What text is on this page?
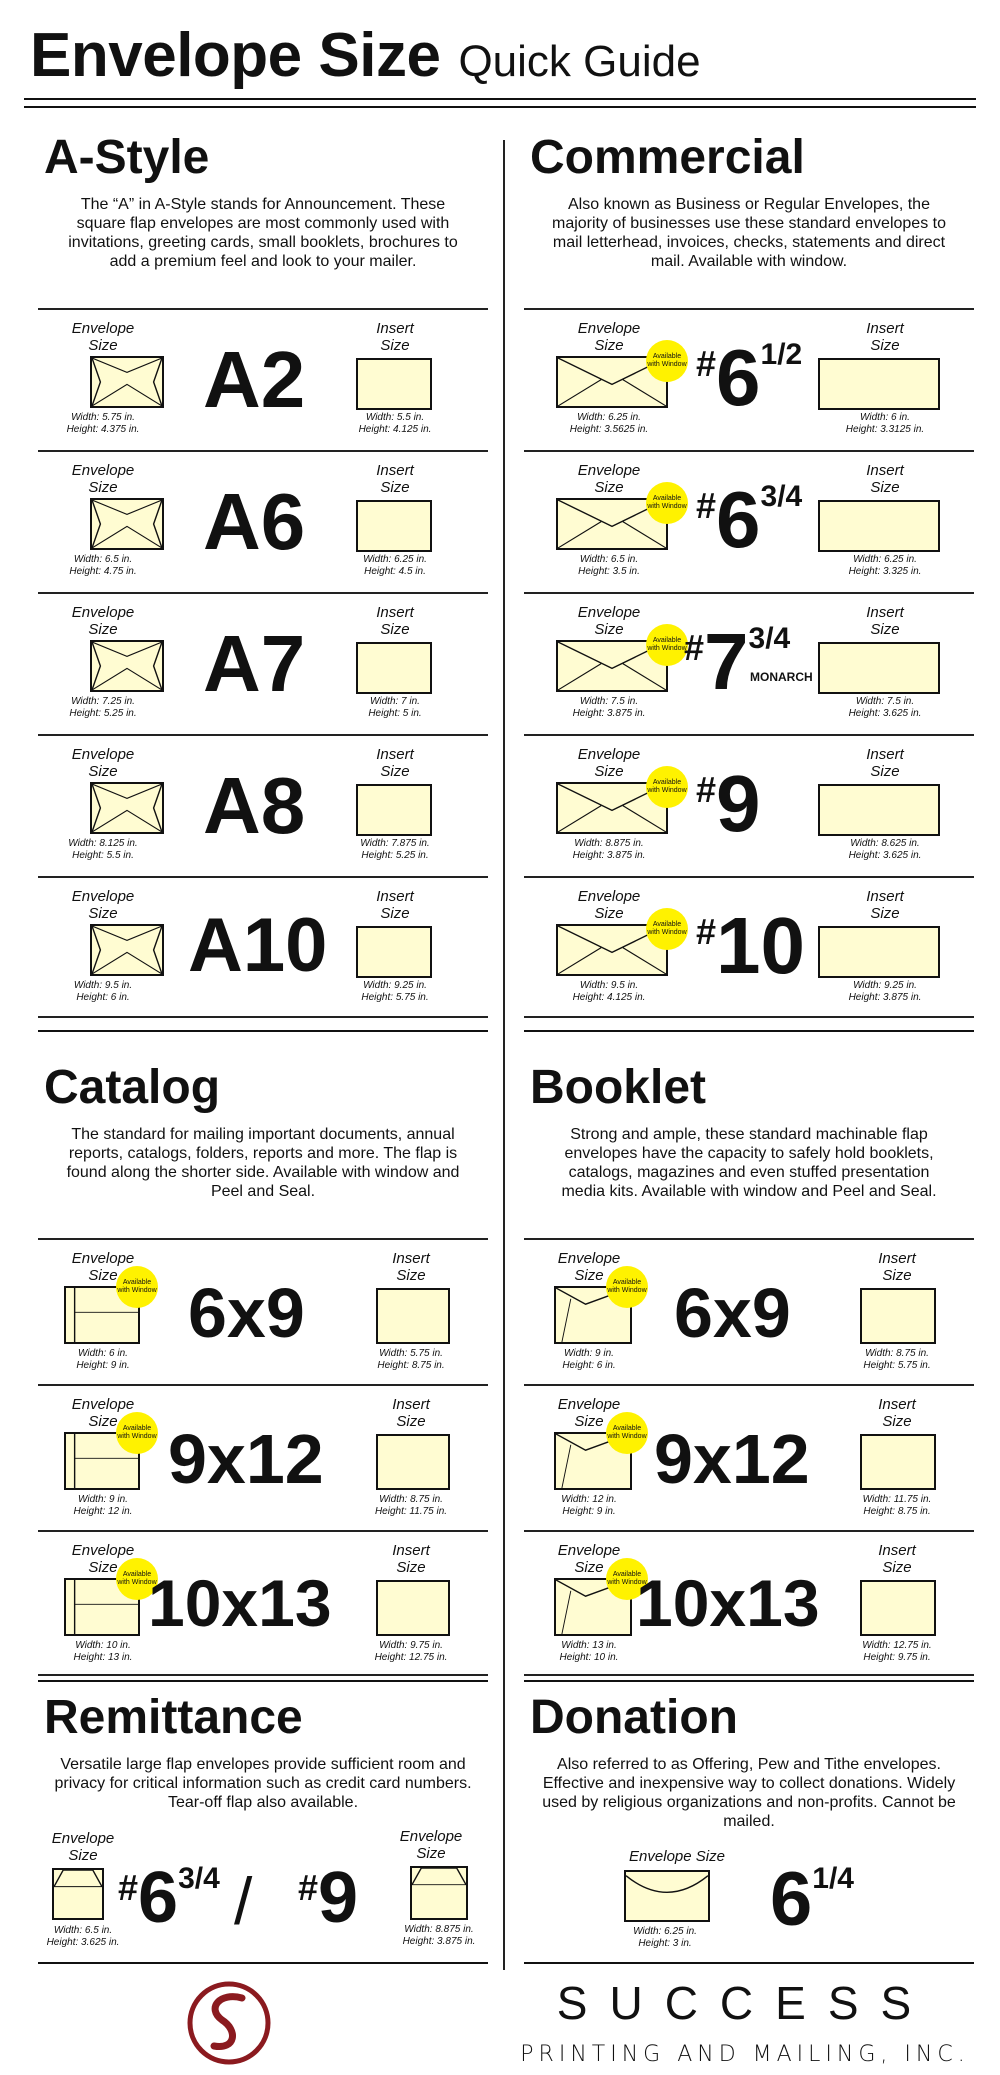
Envelope Size Quick Guide
A-Style
The “A” in A-Style stands for Announcement. These square flap envelopes are most commonly used with invitations, greeting cards, small booklets, brochures to add a premium feel and look to your mailer.
Envelope
Size
Width: 5.75 in.
Height: 4.375 in.
A2
Insert
Size
Width: 5.5 in.
Height: 4.125 in.
Envelope
Size
Width: 6.5 in.
Height: 4.75 in.
A6
Insert
Size
Width: 6.25 in.
Height: 4.5 in.
Envelope
Size
Width: 7.25 in.
Height: 5.25 in.
A7
Insert
Size
Width: 7 in.
Height: 5 in.
Envelope
Size
Width: 8.125 in.
Height: 5.5 in.
A8
Insert
Size
Width: 7.875 in.
Height: 5.25 in.
Envelope
Size
Width: 9.5 in.
Height: 6 in.
A10
Insert
Size
Width: 9.25 in.
Height: 5.75 in.
Commercial
Also known as Business or Regular Envelopes, the majority of businesses use these standard envelopes to mail letterhead, invoices, checks, statements and direct mail. Available with window.
Envelope
Size
Available with Window
Width: 6.25 in.
Height: 3.5625 in.
$^{\#}6^{1/2}$
Insert
Size
Width: 6 in.
Height: 3.3125 in.
Envelope
Size
Available with Window
Width: 6.5 in.
Height: 3.5 in.
$^{\#}6^{3/4}$
Insert
Size
Width: 6.25 in.
Height: 3.325 in.
Envelope
Size
Available with Window
Width: 7.5 in.
Height: 3.875 in.
$^{\#}7^{3/4}$
MONARCH
Insert
Size
Width: 7.5 in.
Height: 3.625 in.
Envelope
Size
Available with Window
Width: 8.875 in.
Height: 3.875 in.
#9
Insert
Size
Width: 8.625 in.
Height: 3.625 in.
Envelope
Size
Available with Window
Width: 9.5 in.
Height: 4.125 in.
#10
Insert
Size
Width: 9.25 in.
Height: 3.875 in.
Catalog
The standard for mailing important documents, annual reports, catalogs, folders, reports and more. The flap is found along the shorter side. Available with window and Peel and Seal.
Envelope
Size Available with Window
Width: 6 in.
Height: 9 in.
6x9
Insert
Size
Width: 5.75 in.
Height: 8.75 in.
Envelope
Size Available with Window
Width: 9 in.
Height: 12 in.
9x12
Insert
Size
Width: 8.75 in.
Height: 11.75 in.
Envelope
Size Available with Window
Width: 10 in.
Height: 13 in.
10x13
Insert
Size
Width: 9.75 in.
Height: 12.75 in.
Booklet
Strong and ample, these standard machinable flap envelopes have the capacity to safely hold booklets, catalogs, magazines and even stuffed presentation media kits. Available with window and Peel and Seal.
Envelope
Size	Available with Window
Width: 9 in.
Height: 6 in.
6x9
Insert
Size
Width: 8.75 in.
Height: 5.75 in.
Envelope
Size	Available with Window
Width: 12 in.
Height: 9 in.
9x12
Insert
Size
Width: 11.75 in.
Height: 8.75 in.
Envelope
Size	Available with Window
Width: 13 in.
Height: 10 in.
10x13
Insert
Size
Width: 12.75 in.
Height: 9.75 in.
Remittance
Versatile large flap envelopes provide sufficient room and privacy for critical information such as credit card numbers. Tear-off flap also available.
Envelope
Size
Width: 6.5 in.
Height: 3.625 in.
$^{\#}6^{3/4} / ^{\#}9$
Envelope
Size
Width: 8.875 in.
Height: 3.875 in.
Donation
Also referred to as Offering, Pew and Tithe envelopes. Effective and inexpensive way to collect donations. Widely used by religious organizations and non-profits. Cannot be mailed.
Envelope Size
Width: 6.25 in.
Height: 3 in.
$6^{1/4}$
SUCCESS
PRINTING AND MAILING, INC.
